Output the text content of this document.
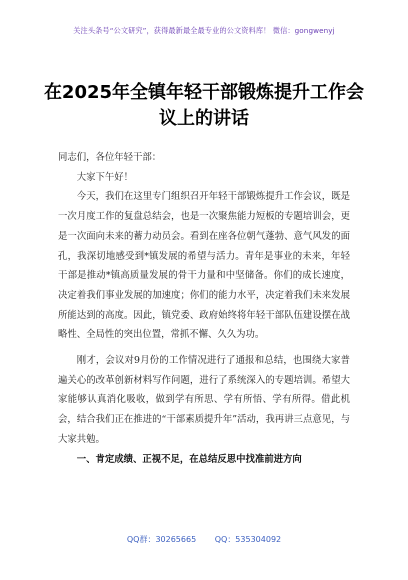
关注头条号“公文研究”，获得最新最全最专业的公文资料库！ 微信：gongwenyj
在2025年全镇年轻干部锻炼提升工作会议上的讲话

同志们，各位年轻干部：

大家下午好！

今天，我们在这里专门组织召开年轻干部锻炼提升工作会议，既是一次月度工作的复盘总结会，也是一次聚焦能力短板的专题培训会，更是一次面向未来的蓄力动员会。看到在座各位朝气蓬勃、意气风发的面孔，我深切地感受到*镇发展的希望与活力。青年是事业的未来，年轻干部是推动*镇高质量发展的骨干力量和中坚储备。你们的成长速度，决定着我们事业发展的加速度；你们的能力水平，决定着我们未来发展所能达到的高度。因此，镇党委、政府始终将年轻干部队伍建设摆在战略性、全局性的突出位置，常抓不懈、久久为功。

刚才，会议对9月份的工作情况进行了通报和总结，也围绕大家普遍关心的改革创新材料写作问题，进行了系统深入的专题培训。希望大家能够认真消化吸收，做到学有所思、学有所悟、学有所得。借此机会，结合我们正在推进的“干部素质提升年”活动，我再讲三点意见，与大家共勉。

一、肯定成绩、正视不足，在总结反思中找准前进方向

QQ群：30265665 QQ：535304092
